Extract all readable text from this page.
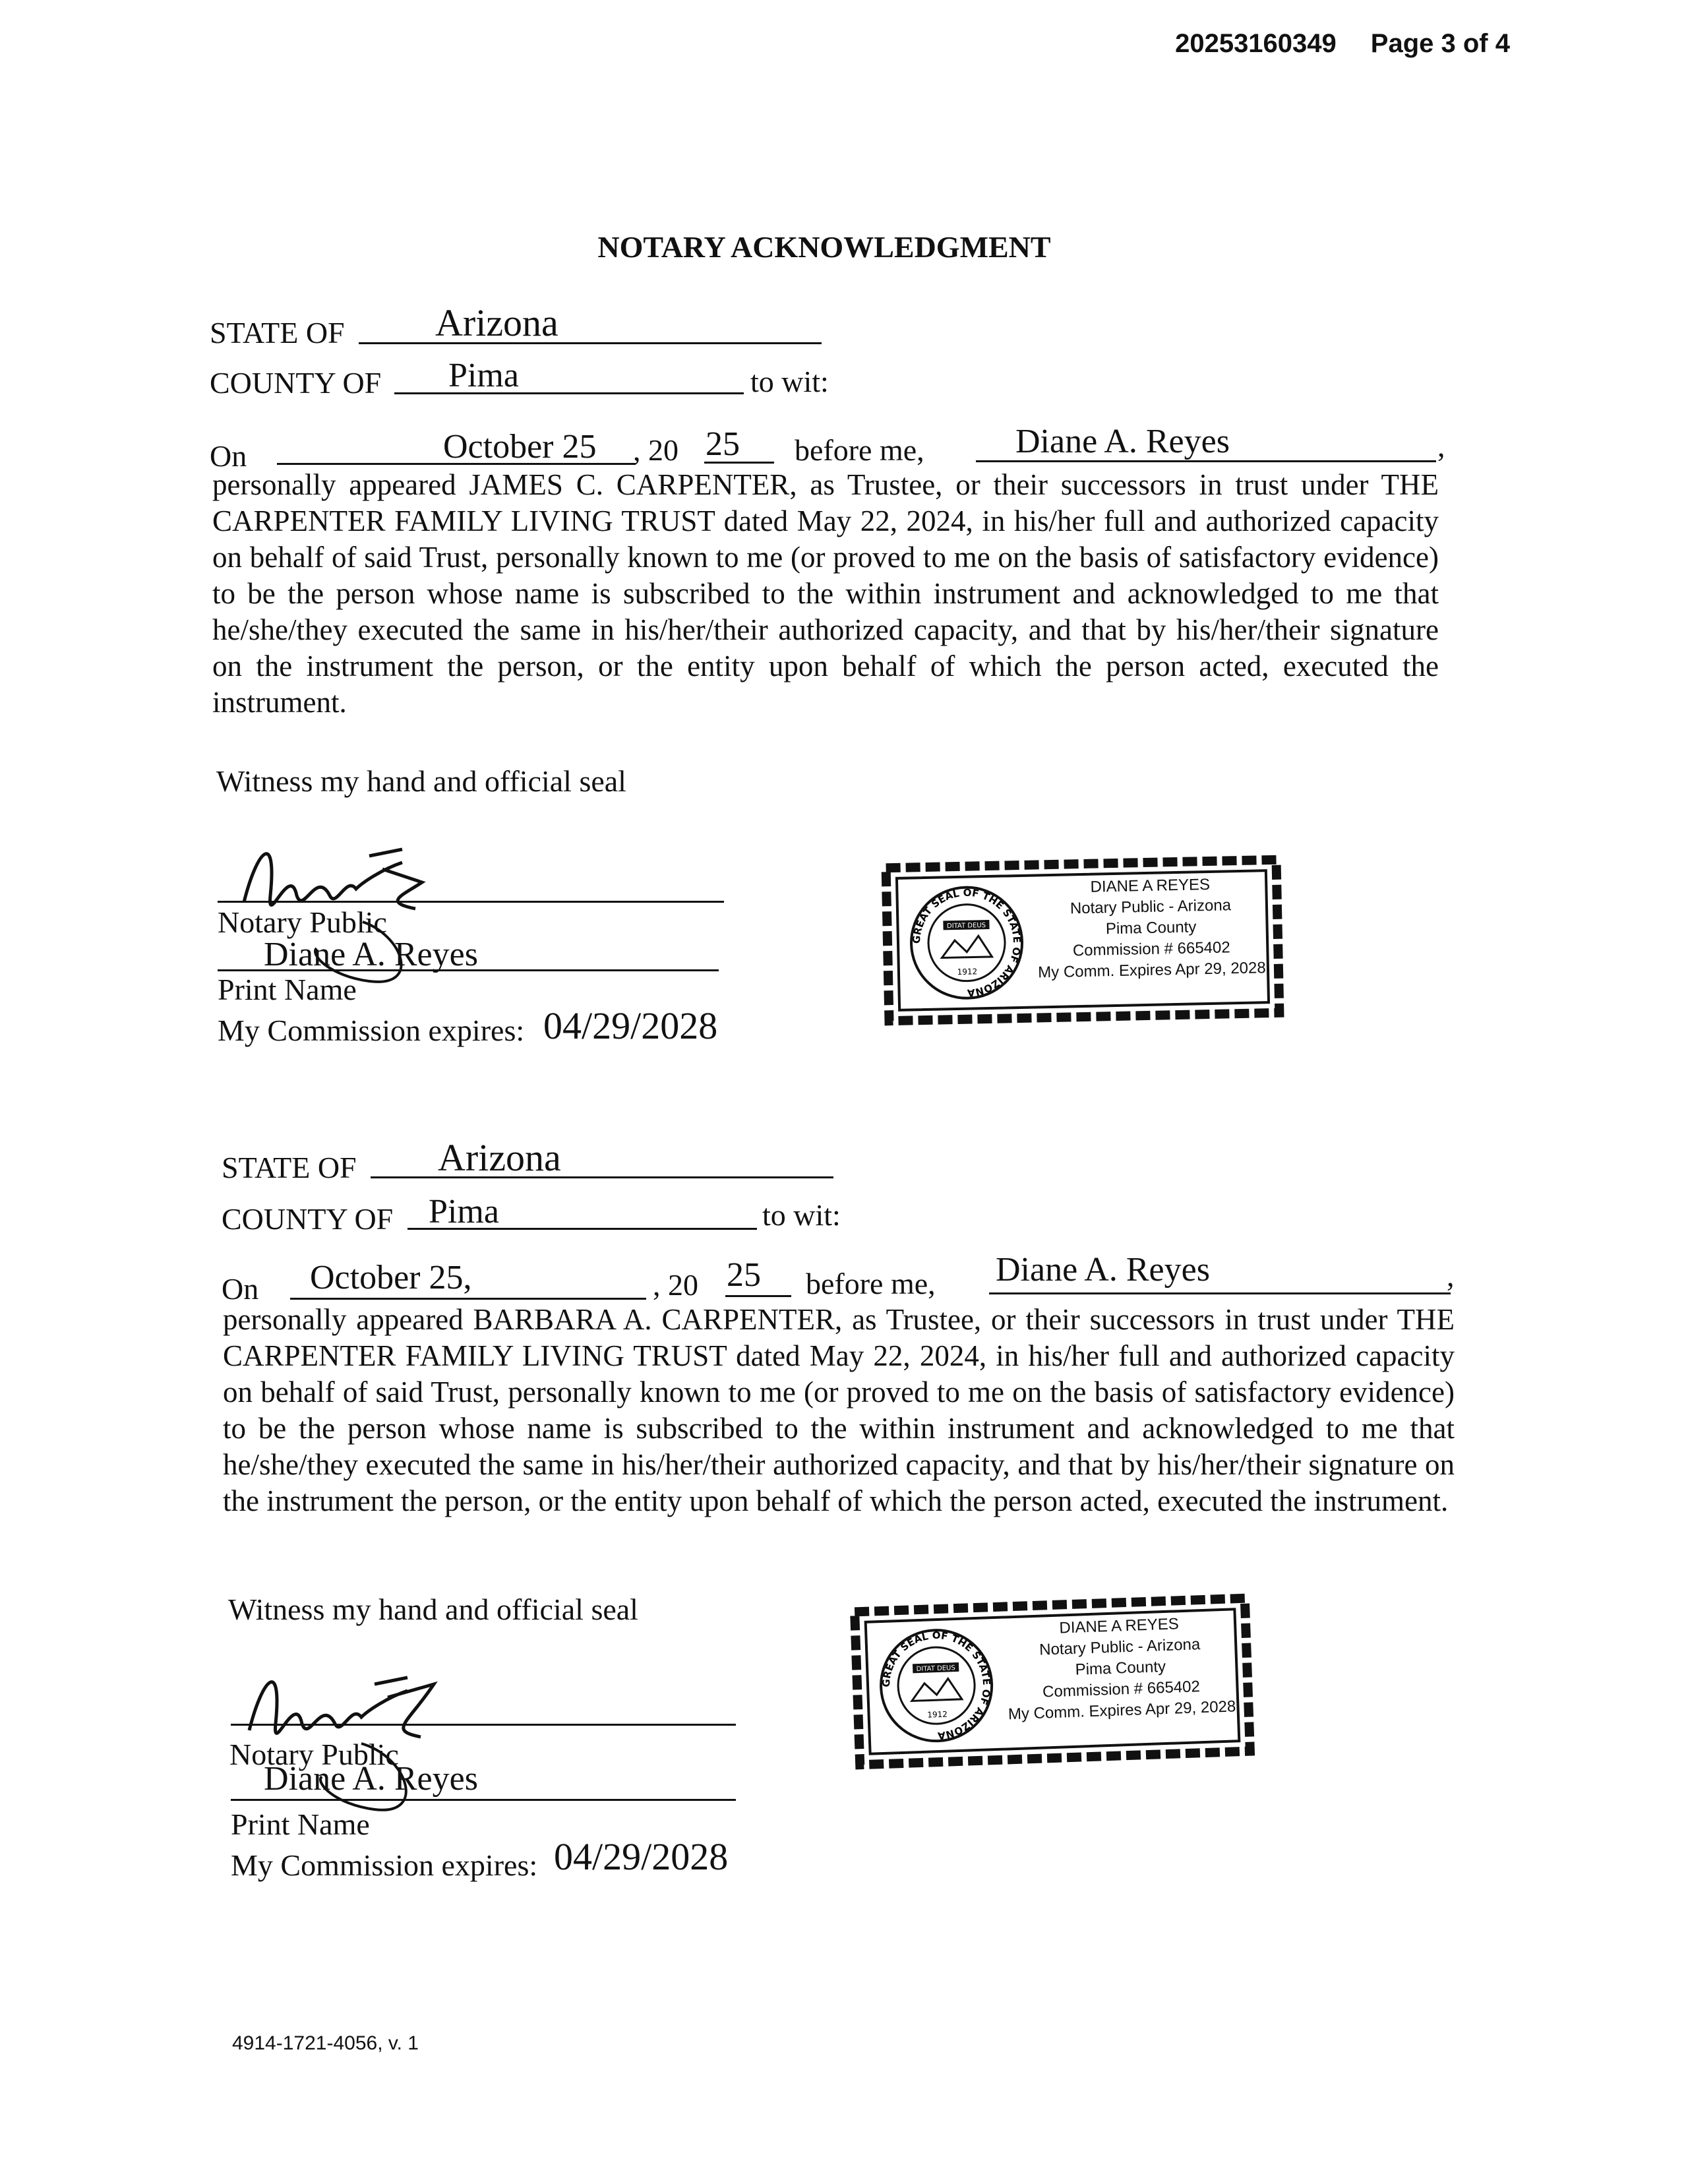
20253160349 Page 3 of 4
NOTARY ACKNOWLEDGMENT
STATE OF Arizona
COUNTY OF Pima	to wit:
On	October 25 , 20 25 before me,	Diane A. Reyes	,
personally appeared JAMES C. CARPENTER, as Trustee, or their successors in trust under THE CARPENTER FAMILY LIVING TRUST dated May 22, 2024, in his/her full and authorized capacity on behalf of said Trust, personally known to me (or proved to me on the basis of satisfactory evidence) to be the person whose name is subscribed to the within instrument and acknowledged to me that he/she/they executed the same in his/her/their authorized capacity, and that by his/her/their signature on the instrument the person, or the entity upon behalf of which the person acted, executed the instrument.
Witness my hand and official seal
Notary Public
Diane A. Reyes
Print Name
My Commission expires: 04/29/2028
GREAT SEAL OF THE STATE OF ARIZONA
DITAT DEUS
1912
DIANE A REYES
Notary Public - Arizona
Pima County
Commission # 665402
My Comm. Expires Apr 29, 2028
STATE OF Arizona
COUNTY OF Pima	to wit:
On October 25,	, 20 25 before me, Diane A. Reyes	,
personally appeared BARBARA A. CARPENTER, as Trustee, or their successors in trust under THE CARPENTER FAMILY LIVING TRUST dated May 22, 2024, in his/her full and authorized capacity on behalf of said Trust, personally known to me (or proved to me on the basis of satisfactory evidence) to be the person whose name is subscribed to the within instrument and acknowledged to me that he/she/they executed the same in his/her/their authorized capacity, and that by his/her/their signature on the instrument the person, or the entity upon behalf of which the person acted, executed the instrument.
Witness my hand and official seal
Notary Public
Diane A. Reyes
Print Name
My Commission expires: 04/29/2028
GREAT SEAL OF THE STATE OF ARIZONA
DITAT DEUS
1912
DIANE A REYES
Notary Public - Arizona
Pima County
Commission # 665402
My Comm. Expires Apr 29, 2028
4914-1721-4056, v. 1
